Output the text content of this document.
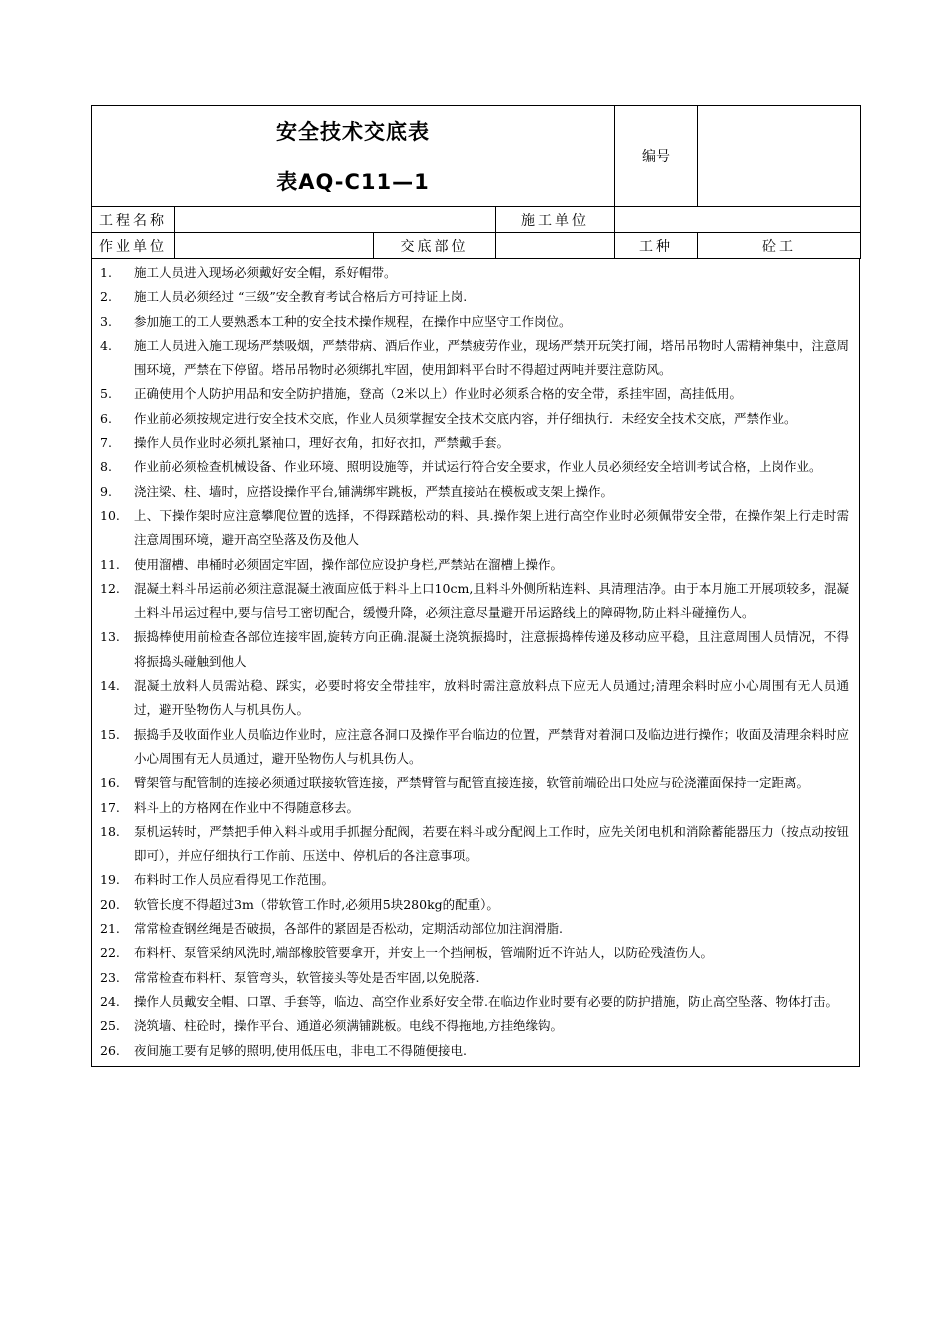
安全技术交底表
表AQ-C11—1				编号	
工程名称			施工单位		
作业单位		交底部位		工种	砼工
1.	施工人员进入现场必须戴好安全帽，系好帽带。
2.	施工人员必须经过 “三级”安全教育考试合格后方可持证上岗.
3.	参加施工的工人要熟悉本工种的安全技术操作规程，在操作中应坚守工作岗位。
4.	施工人员进入施工现场严禁吸烟，严禁带病、酒后作业，严禁疲劳作业，现场严禁开玩笑打闹，塔吊吊物时人需精神集中，注意周围环境，严禁在下停留。塔吊吊物时必须绑扎牢固，使用卸料平台时不得超过两吨并要注意防风。
5.	正确使用个人防护用品和安全防护措施，登高（2米以上）作业时必须系合格的安全带，系挂牢固，高挂低用。
6.	作业前必须按规定进行安全技术交底，作业人员须掌握安全技术交底内容，并仔细执行．未经安全技术交底，严禁作业。
7.	操作人员作业时必须扎紧袖口，理好衣角，扣好衣扣，严禁戴手套。
8.	作业前必须检查机械设备、作业环境、照明设施等，并试运行符合安全要求，作业人员必须经安全培训考试合格，上岗作业。
9.	浇注梁、柱、墙时，应搭设操作平台,铺满绑牢跳板，严禁直接站在模板或支架上操作。
10.	上、下操作架时应注意攀爬位置的选择，不得踩踏松动的料、具.操作架上进行高空作业时必须佩带安全带，在操作架上行走时需注意周围环境，避开高空坠落及伤及他人
11.	使用溜槽、串桶时必须固定牢固，操作部位应设护身栏,严禁站在溜槽上操作。
12.	混凝土料斗吊运前必须注意混凝土液面应低于料斗上口10cm,且料斗外侧所粘连料、具清理洁净。由于本月施工开展项较多，混凝土料斗吊运过程中,要与信号工密切配合，缓慢升降，必须注意尽量避开吊运路线上的障碍物,防止料斗碰撞伤人。
13.	振捣棒使用前检查各部位连接牢固,旋转方向正确.混凝土浇筑振捣时，注意振捣棒传递及移动应平稳，且注意周围人员情况，不得将振捣头碰触到他人
14.	混凝土放料人员需站稳、踩实，必要时将安全带挂牢，放料时需注意放料点下应无人员通过;清理余料时应小心周围有无人员通过，避开坠物伤人与机具伤人。
15.	振捣手及收面作业人员临边作业时，应注意各洞口及操作平台临边的位置，严禁背对着洞口及临边进行操作；收面及清理余料时应小心周围有无人员通过，避开坠物伤人与机具伤人。
16.	臂架管与配管制的连接必须通过联接软管连接，严禁臂管与配管直接连接，软管前端砼出口处应与砼浇灌面保持一定距离。
17.	料斗上的方格网在作业中不得随意移去。
18.	泵机运转时，严禁把手伸入料斗或用手抓握分配阀，若要在料斗或分配阀上工作时，应先关闭电机和消除蓄能器压力（按点动按钮即可），并应仔细执行工作前、压送中、停机后的各注意事项。
19.	布料时工作人员应看得见工作范围。
20.	软管长度不得超过3m（带软管工作时,必须用5块280kg的配重）。
21.	常常检查钢丝绳是否破损，各部件的紧固是否松动，定期活动部位加注润滑脂.
22.	布料杆、泵管采纳风洗时,端部橡胶管要拿开，并安上一个挡闸板，管端附近不许站人，以防砼残渣伤人。
23.	常常检查布料杆、泵管弯头，软管接头等处是否牢固,以免脱落.
24.	操作人员戴安全帽、口罩、手套等，临边、高空作业系好安全带.在临边作业时要有必要的防护措施，防止高空坠落、物体打击。
25.	浇筑墙、柱砼时，操作平台、通道必须满铺跳板。电线不得拖地,方挂绝缘钩。
26.	夜间施工要有足够的照明,使用低压电，非电工不得随便接电.
